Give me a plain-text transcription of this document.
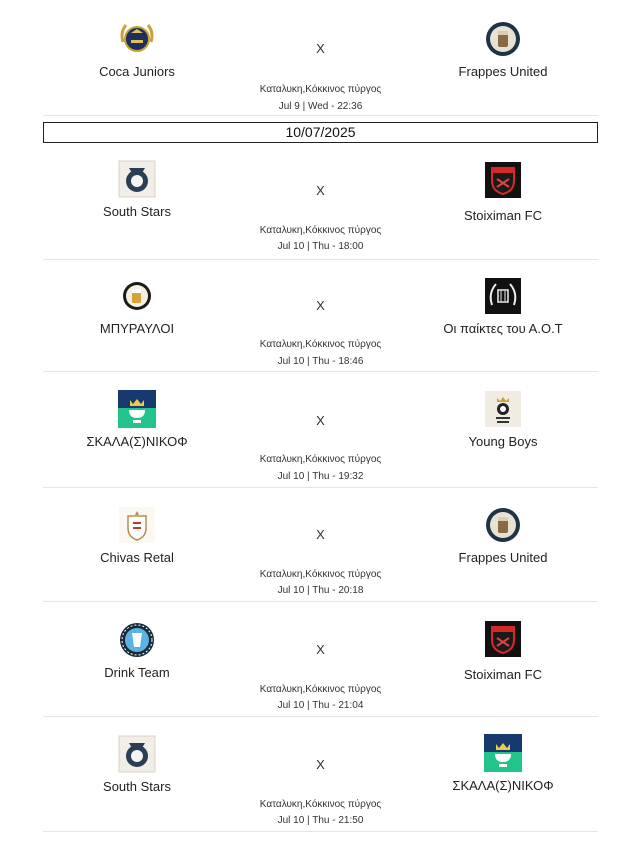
Coca Juniors
X
Frappes United
Καταλυκη,Κόκκινος πύργος
Jul 9 | Wed - 22:36
10/07/2025
South Stars
X
Stoiximan FC
Καταλυκη,Κόκκινος πύργος
Jul 10 | Thu - 18:00
ΜΠΥΡΑΥΛΟΙ
X
Οι παίκτες του Α.Ο.Τ
Καταλυκη,Κόκκινος πύργος
Jul 10 | Thu - 18:46
ΣΚΑΛΑ(Σ)ΝΙΚΟΦ
X
Young Boys
Καταλυκη,Κόκκινος πύργος
Jul 10 | Thu - 19:32
Chivas Retal
X
Frappes United
Καταλυκη,Κόκκινος πύργος
Jul 10 | Thu - 20:18
Drink Team
X
Stoiximan FC
Καταλυκη,Κόκκινος πύργος
Jul 10 | Thu - 21:04
South Stars
X
ΣΚΑΛΑ(Σ)ΝΙΚΟΦ
Καταλυκη,Κόκκινος πύργος
Jul 10 | Thu - 21:50
